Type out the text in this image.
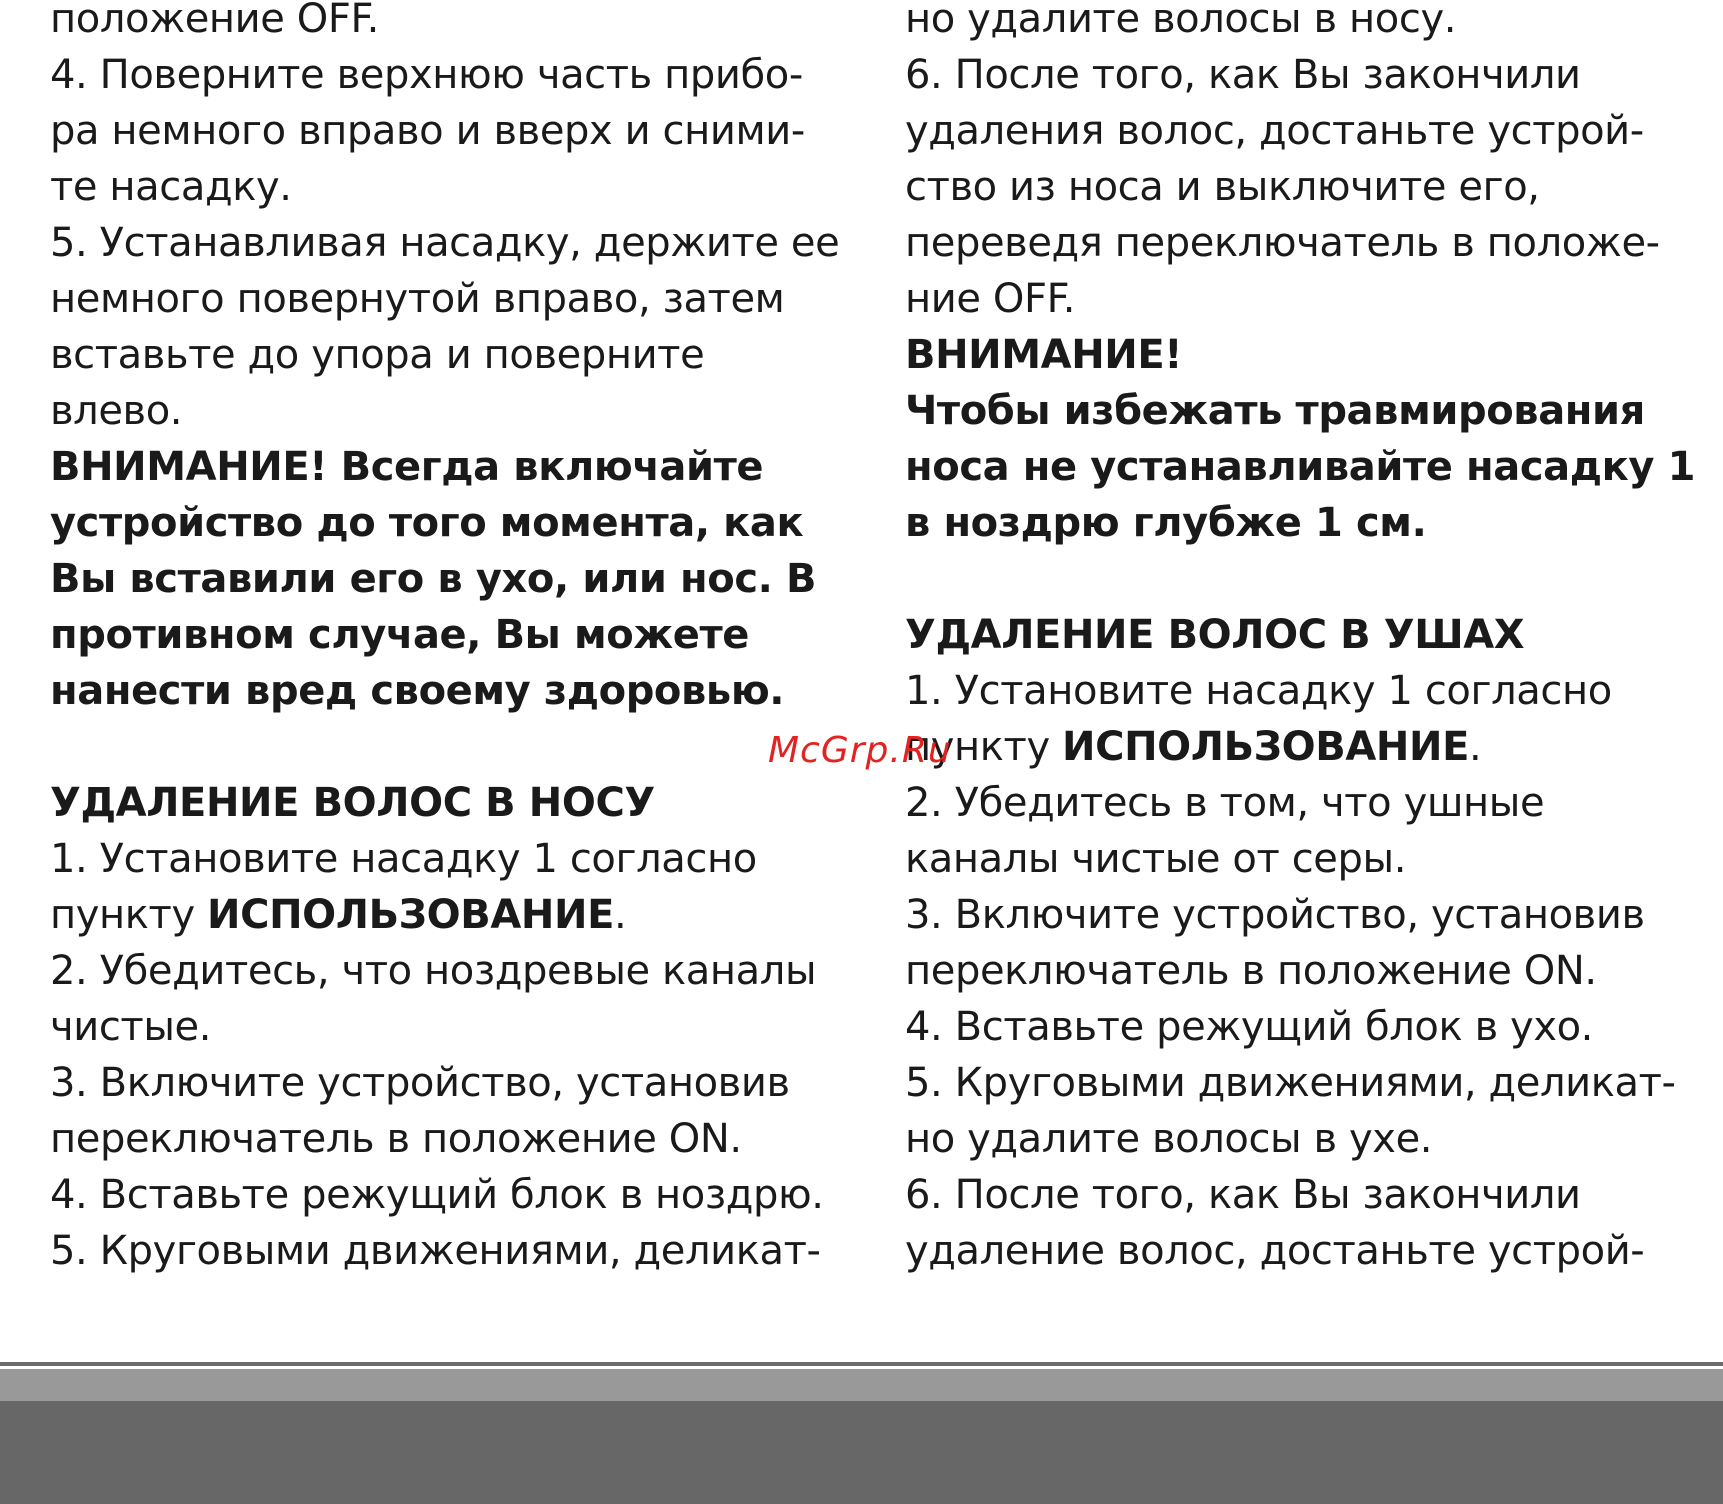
положение OFF.
4. Поверните верхнюю часть прибо-
ра немного вправо и вверх и сними-
те насадку.
5. Устанавливая насадку, держите ее
немного повернутой вправо, затем
вставьте до упора и поверните
влево.
ВНИМАНИЕ! Всегда включайте
устройство до того момента, как
Вы вставили его в ухо, или нос. В
противном случае, Вы можете
нанести вред своему здоровью.
УДАЛЕНИЕ ВОЛОС В НОСУ
1. Установите насадку 1 согласно
пункту ИСПОЛЬЗОВАНИЕ.
2. Убедитесь, что ноздревые каналы
чистые.
3. Включите устройство, установив
переключатель в положение ON.
4. Вставьте режущий блок в ноздрю.
5. Круговыми движениями, деликат-
но удалите волосы в носу.
6. После того, как Вы закончили
удаления волос, достаньте устрой-
ство из носа и выключите его,
переведя переключатель в положе-
ние OFF.
ВНИМАНИЕ!
Чтобы избежать травмирования
носа не устанавливайте насадку 1
в ноздрю глубже 1 см.
УДАЛЕНИЕ ВОЛОС В УШАХ
1. Установите насадку 1 согласно
пункту ИСПОЛЬЗОВАНИЕ.
2. Убедитесь в том, что ушные
каналы чистые от серы.
3. Включите устройство, установив
переключатель в положение ON.
4. Вставьте режущий блок в ухо.
5. Круговыми движениями, деликат-
но удалите волосы в ухе.
6. После того, как Вы закончили
удаление волос, достаньте устрой-
McGrp.Ru
